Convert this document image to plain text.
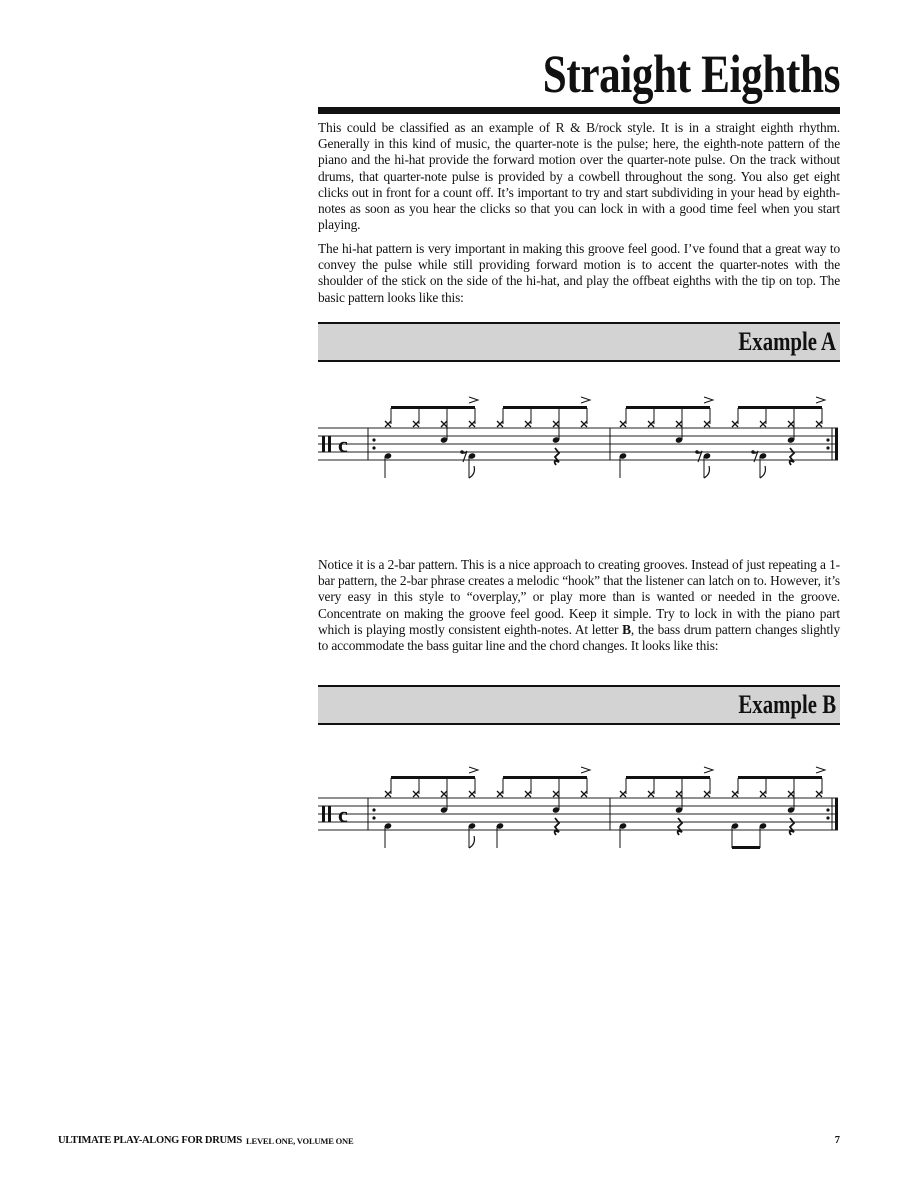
Straight Eighths

This could be classified as an example of R & B/rock style. It is in a straight eighth rhythm. Generally in this kind of music, the quarter-note is the pulse; here, the eighth-note pattern of the piano and the hi-hat provide the forward motion over the quarter-note pulse. On the track without drums, that quarter-note pulse is provided by a cowbell throughout the song. You also get eight clicks out in front for a count off. It’s important to try and start subdividing in your head by eighth-notes as soon as you hear the clicks so that you can lock in with a good time feel when you start playing.

The hi-hat pattern is very important in making this groove feel good. I’ve found that a great way to convey the pulse while still providing forward motion is to accent the quarter-notes with the shoulder of the stick on the side of the hi-hat, and play the offbeat eighths with the tip on top. The basic pattern looks like this:

Example A
c

Notice it is a 2-bar pattern. This is a nice approach to creating grooves. Instead of just repeating a 1-bar pattern, the 2-bar phrase creates a melodic “hook” that the listener can latch on to. However, it’s very easy in this style to “overplay,” or play more than is wanted or needed in the groove. Concentrate on making the groove feel good. Keep it simple. Try to lock in with the piano part which is playing mostly consistent eighth-notes. At letter B, the bass drum pattern changes slightly to accommodate the bass guitar line and the chord changes. It looks like this:

Example B
c
ULTIMATE PLAY-ALONG FOR DRUMS LEVEL ONE, VOLUME ONE	7
